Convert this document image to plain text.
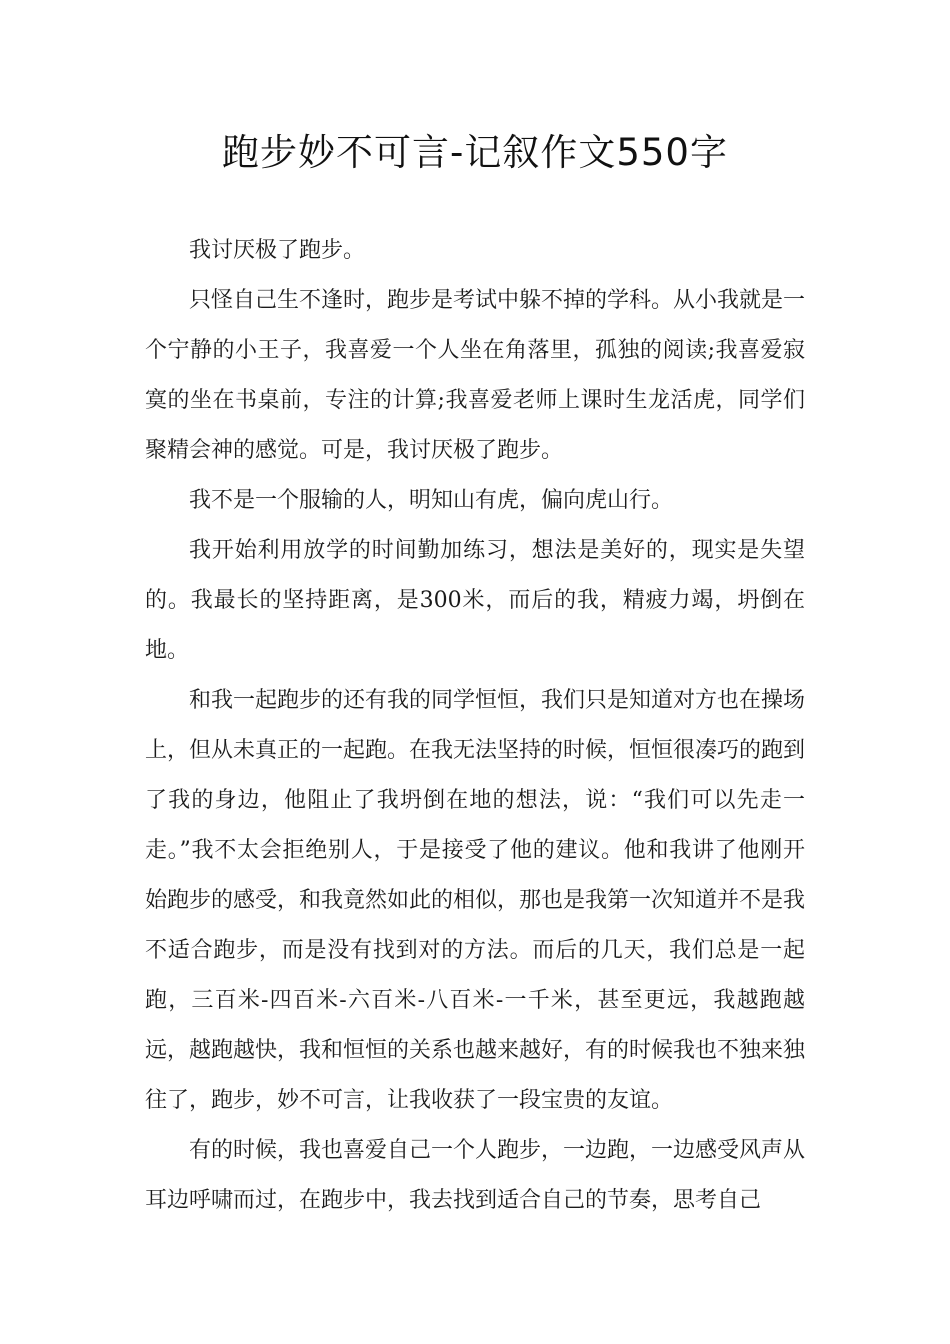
跑步妙不可言-记叙作文550字

我讨厌极了跑步。

只怪自己生不逢时，跑步是考试中躲不掉的学科。从小我就是一个宁静的小王子，我喜爱一个人坐在角落里，孤独的阅读;我喜爱寂寞的坐在书桌前，专注的计算;我喜爱老师上课时生龙活虎，同学们聚精会神的感觉。可是，我讨厌极了跑步。

我不是一个服输的人，明知山有虎，偏向虎山行。

我开始利用放学的时间勤加练习，想法是美好的，现实是失望的。我最长的坚持距离，是300米，而后的我，精疲力竭，坍倒在地。

和我一起跑步的还有我的同学恒恒，我们只是知道对方也在操场上，但从未真正的一起跑。在我无法坚持的时候，恒恒很凑巧的跑到了我的身边，他阻止了我坍倒在地的想法，说：“我们可以先走一走。”我不太会拒绝别人，于是接受了他的建议。他和我讲了他刚开始跑步的感受，和我竟然如此的相似，那也是我第一次知道并不是我不适合跑步，而是没有找到对的方法。而后的几天，我们总是一起跑，三百米-四百米-六百米-八百米-一千米，甚至更远，我越跑越远，越跑越快，我和恒恒的关系也越来越好，有的时候我也不独来独往了，跑步，妙不可言，让我收获了一段宝贵的友谊。

有的时候，我也喜爱自己一个人跑步，一边跑，一边感受风声从耳边呼啸而过，在跑步中，我去找到适合自己的节奏，思考自己
